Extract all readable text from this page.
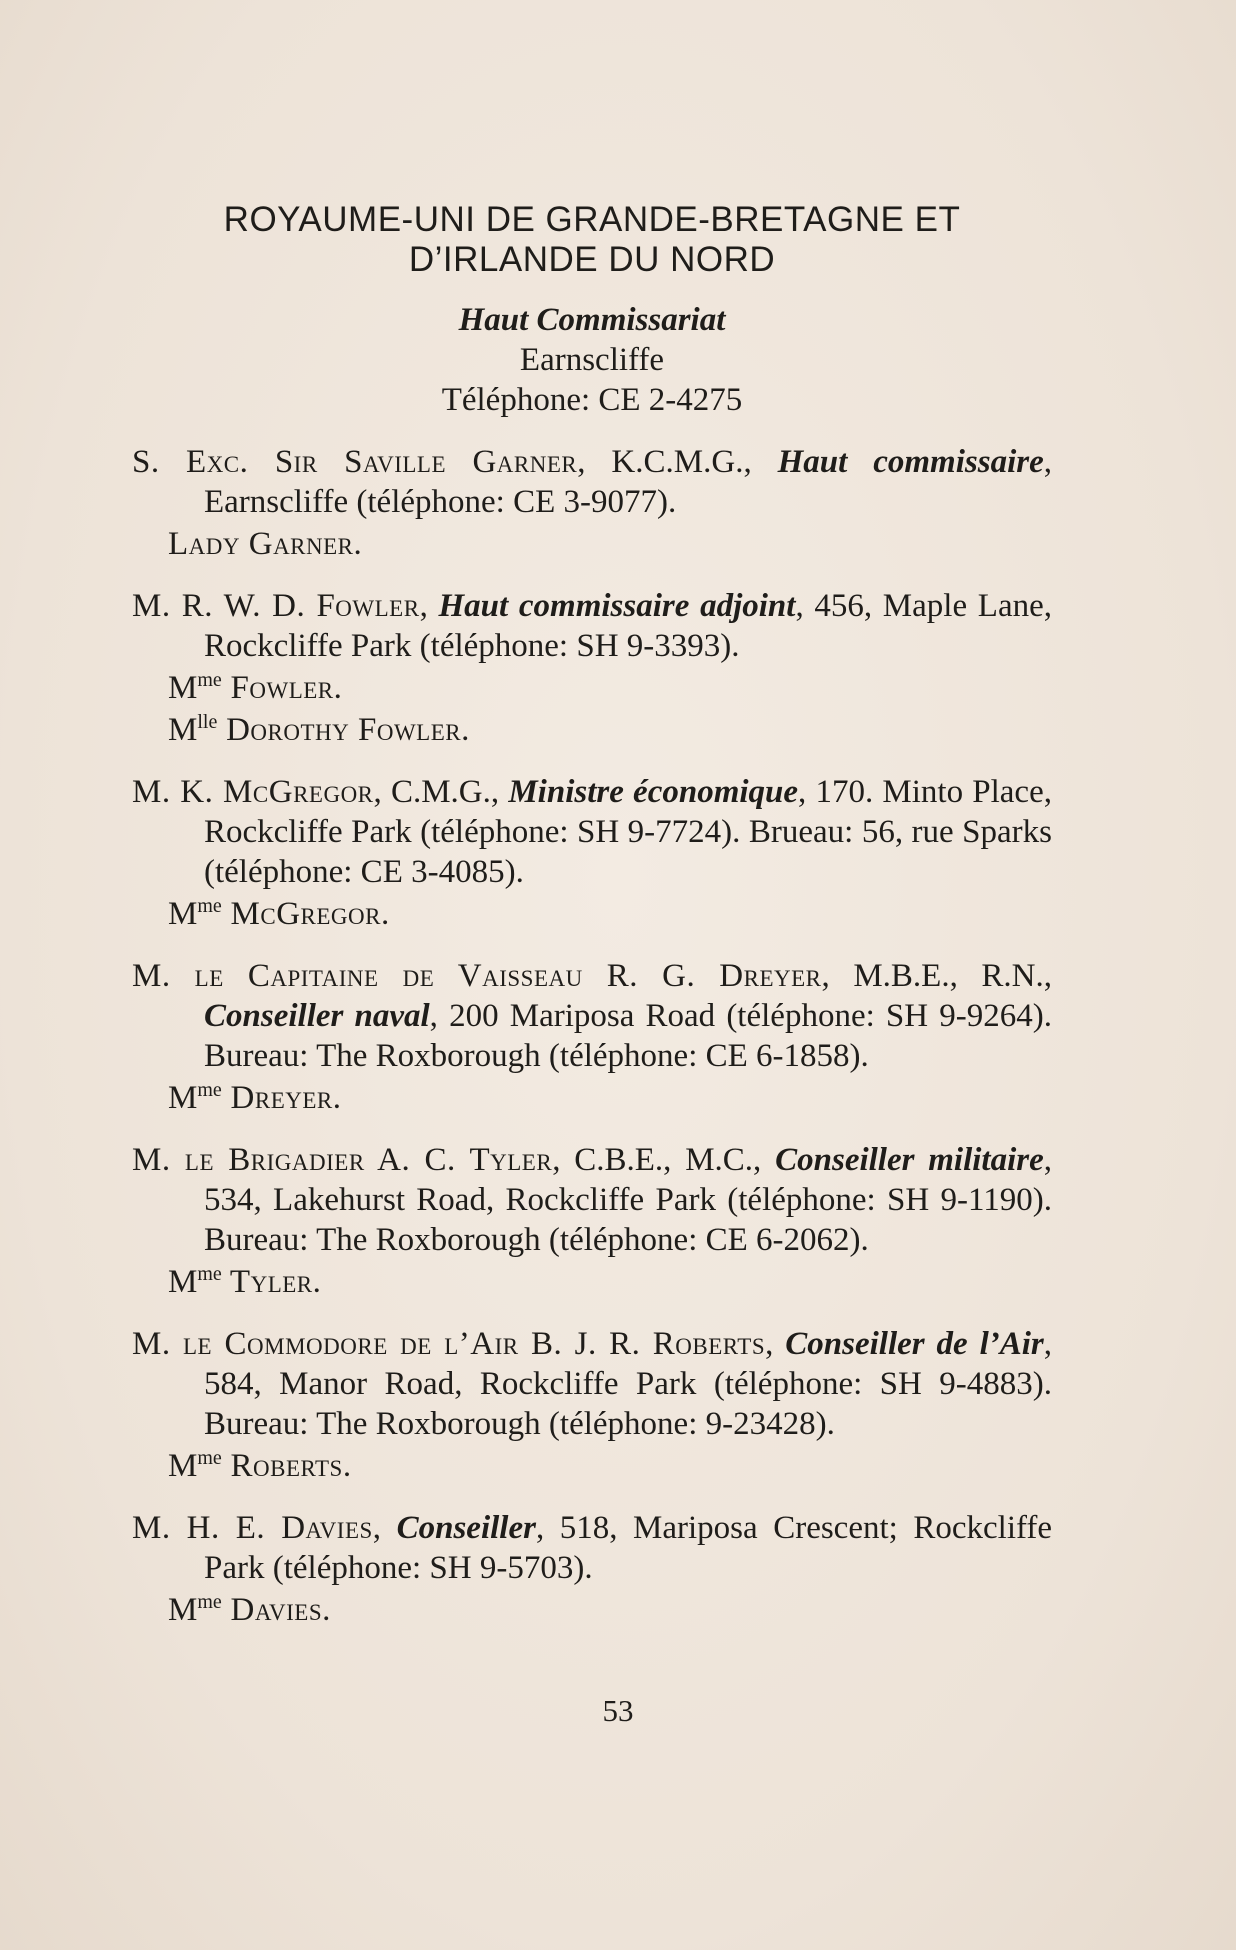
ROYAUME-UNI DE GRANDE-BRETAGNE ET
D’IRLANDE DU NORD
Haut Commissariat
Earnscliffe
Téléphone: CE 2-4275

S. Exc. Sir Saville Garner, K.C.M.G., Haut commissaire, Earnscliffe (téléphone: CE 3-9077).

Lady Garner.

M. R. W. D. Fowler, Haut commissaire adjoint, 456, Maple Lane, Rockcliffe Park (téléphone: SH 9-3393).

$M^{me}$ Fowler.

$M^{lle}$ Dorothy Fowler.

M. K. McGregor, C.M.G., Ministre économique, 170. Minto Place, Rockcliffe Park (téléphone: SH 9-7724). Brueau: 56, rue Sparks (téléphone: CE 3-4085).

$M^{me}$ McGregor.

M. le Capitaine de Vaisseau R. G. Dreyer, M.B.E., R.N., Conseiller naval, 200 Mariposa Road (téléphone: SH 9-9264). Bureau: The Roxborough (téléphone: CE 6-1858).

$M^{me}$ Dreyer.

M. le Brigadier A. C. Tyler, C.B.E., M.C., Conseiller militaire, 534, Lakehurst Road, Rockcliffe Park (téléphone: SH 9-1190). Bureau: The Roxborough (téléphone: CE 6-2062).

$M^{me}$ Tyler.

M. le Commodore de l’Air B. J. R. Roberts, Conseiller de l’Air, 584, Manor Road, Rockcliffe Park (téléphone: SH 9-4883). Bureau: The Roxborough (téléphone: 9-23428).

$M^{me}$ Roberts.

M. H. E. Davies, Conseiller, 518, Mariposa Crescent; Rockcliffe Park (téléphone: SH 9-5703).

$M^{me}$ Davies.

53
